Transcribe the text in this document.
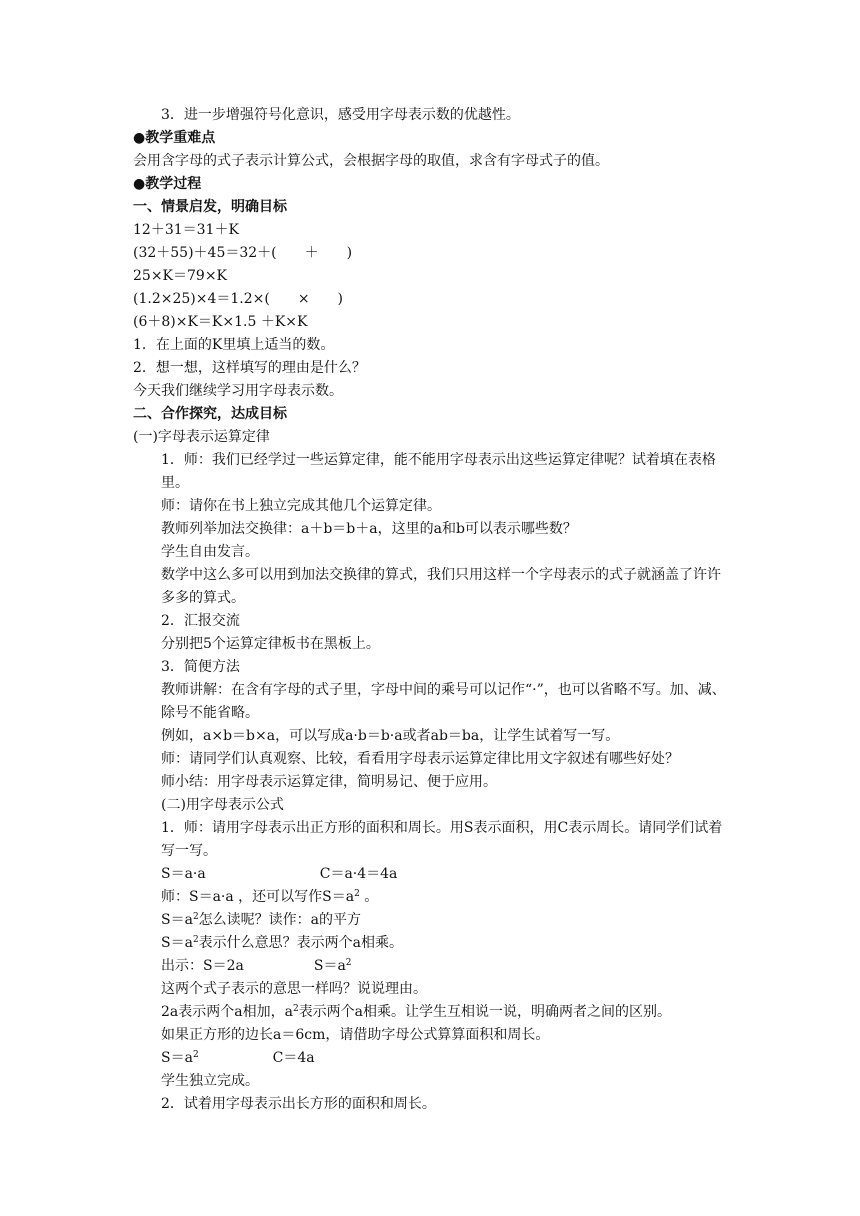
3．进一步增强符号化意识，感受用字母表示数的优越性。

●教学重难点

会用含字母的式子表示计算公式，会根据字母的取值，求含有字母式子的值。

●教学过程

一、情景启发，明确目标

12＋31＝31＋K

(32＋55)＋45＝32＋(　　＋　　)

25×K＝79×K

(1.2×25)×4＝1.2×(　　×　　)

(6＋8)×K＝K×1.5 ＋K×K

1．在上面的K里填上适当的数。

2．想一想，这样填写的理由是什么？

今天我们继续学习用字母表示数。

二、合作探究，达成目标

(一)字母表示运算定律

1．师：我们已经学过一些运算定律，能不能用字母表示出这些运算定律呢？试着填在表格里。

师：请你在书上独立完成其他几个运算定律。

教师列举加法交换律：a＋b＝b＋a，这里的a和b可以表示哪些数？

学生自由发言。

数学中这么多可以用到加法交换律的算式，我们只用这样一个字母表示的式子就涵盖了许许多多的算式。

2．汇报交流

分别把5个运算定律板书在黑板上。

3．简便方法

教师讲解：在含有字母的式子里，字母中间的乘号可以记作“·”，也可以省略不写。加、减、除号不能省略。

例如，a×b＝b×a，可以写成a·b＝b·a或者ab＝ba，让学生试着写一写。

师：请同学们认真观察、比较，看看用字母表示运算定律比用文字叙述有哪些好处？

师小结：用字母表示运算定律，简明易记、便于应用。

(二)用字母表示公式

1．师：请用字母表示出正方形的面积和周长。用S表示面积，用C表示周长。请同学们试着写一写。

S＝a·a	C＝a·4＝4a

师：S＝a·a ，还可以写作$S=a^2$ 。

$S=a^2$怎么读呢？读作：a的平方

$S=a^2$表示什么意思？表示两个a相乘。

出示：S＝2a	$S=a^2$

这两个式子表示的意思一样吗？说说理由。

2a表示两个a相加，$a^2$表示两个a相乘。让学生互相说一说，明确两者之间的区别。

如果正方形的边长a＝6cm，请借助字母公式算算面积和周长。

$S=a^2$	C＝4a

学生独立完成。

2．试着用字母表示出长方形的面积和周长。
